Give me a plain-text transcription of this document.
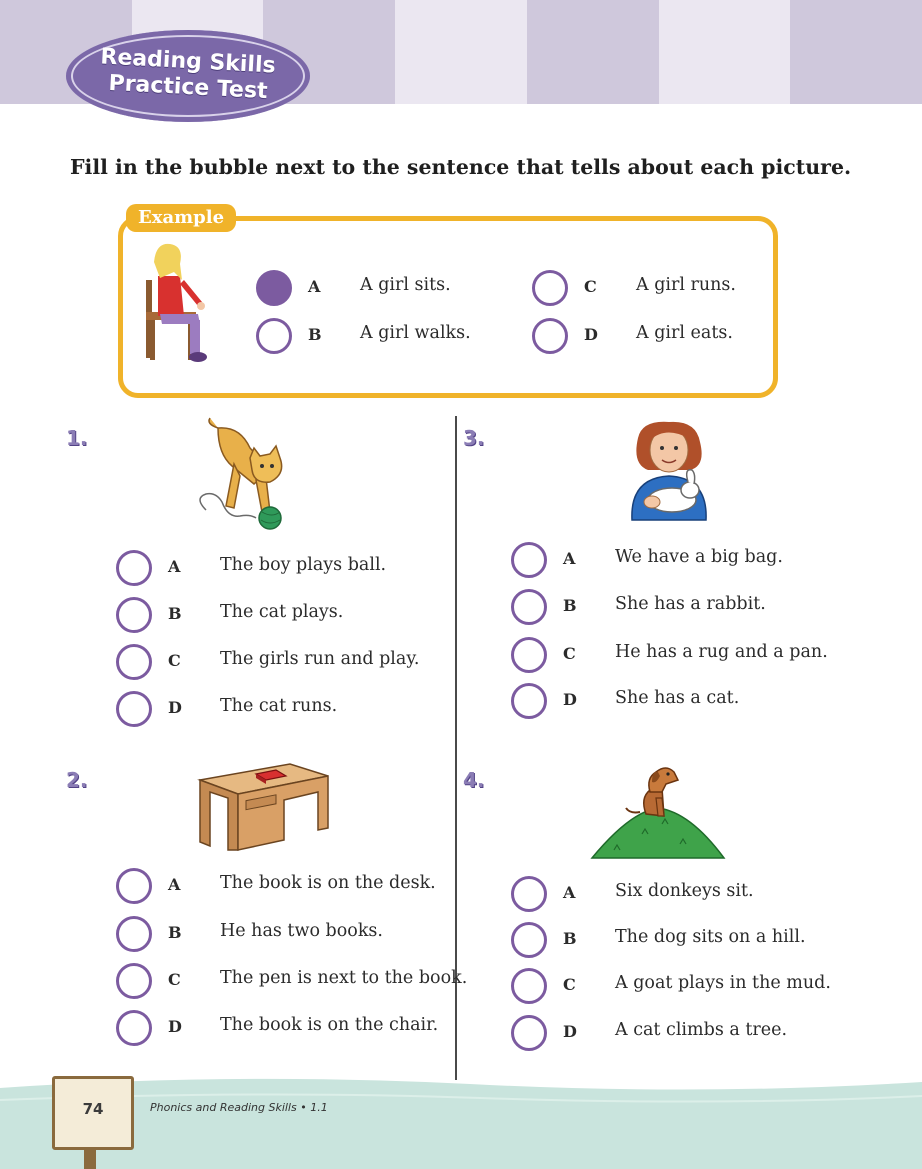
Reading Skills
Practice Test
Fill in the bubble next to the sentence that tells about each picture.
Example
A A girl sits.
B A girl walks.
C A girl runs.
D A girl eats.
1.
2.
3.
4.
A The boy plays ball.
B The cat plays.
C The girls run and play.
D The cat runs.
A The book is on the desk.
B He has two books.
C The pen is next to the book.
D The book is on the chair.
A We have a big bag.
B She has a rabbit.
C He has a rug and a pan.
D She has a cat.
A Six donkeys sit.
B The dog sits on a hill.
C A goat plays in the mud.
D A cat climbs a tree.
74	Phonics and Reading Skills • 1.1
